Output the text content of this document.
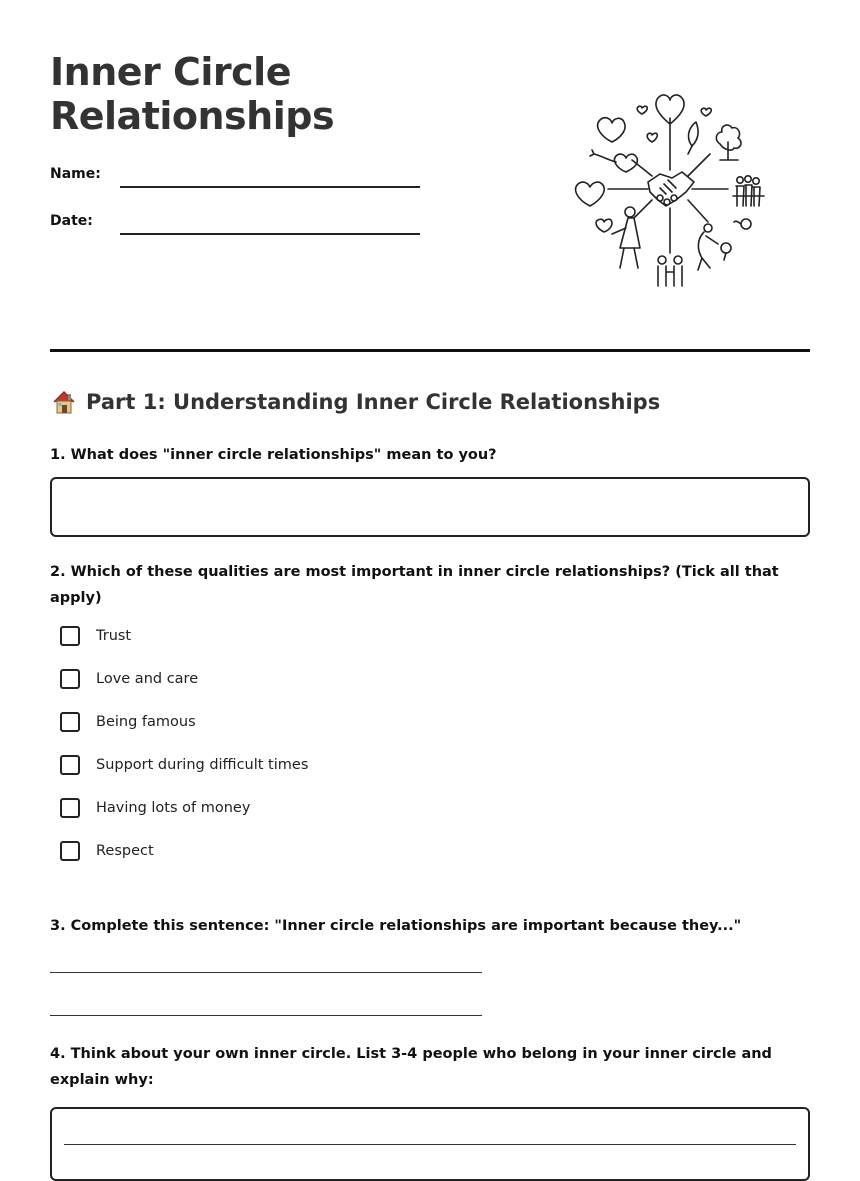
Inner Circle
Relationships
Name:
Date:
Part 1: Understanding Inner Circle Relationships
1. What does "inner circle relationships" mean to you?
2. Which of these qualities are most important in inner circle relationships? (Tick all that apply)
Trust
Love and care
Being famous
Support during difficult times
Having lots of money
Respect
3. Complete this sentence: "Inner circle relationships are important because they..."
4. Think about your own inner circle. List 3-4 people who belong in your inner circle and explain why:
